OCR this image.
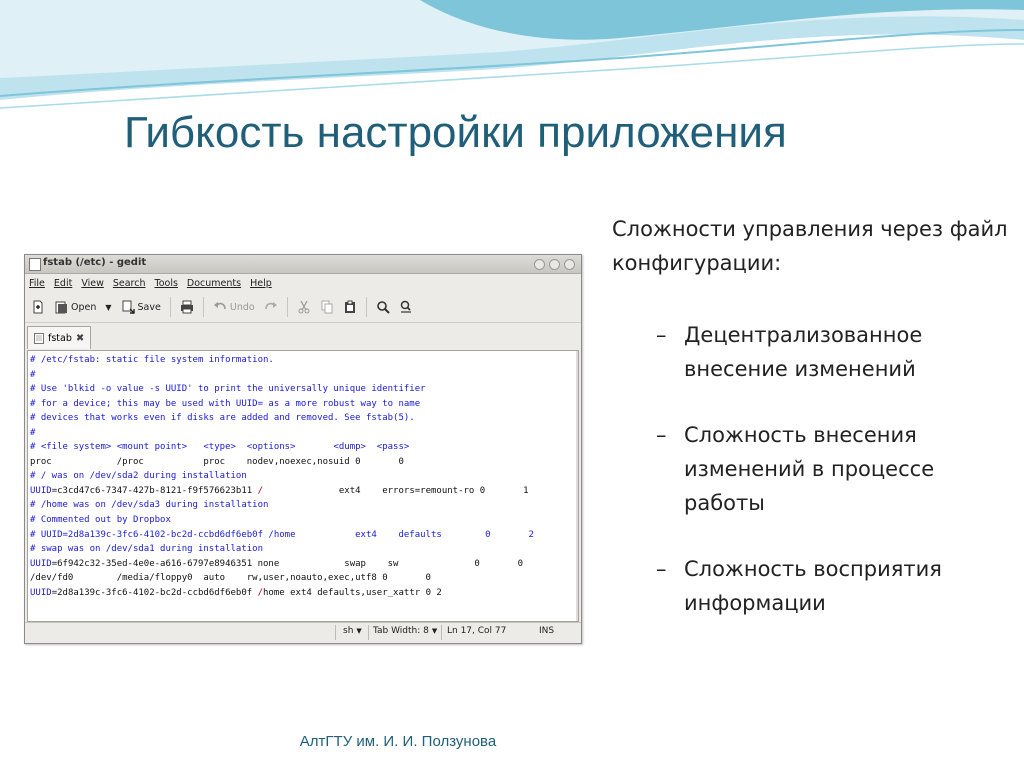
Гибкость настройки приложения
fstab (/etc) - gedit
File Edit View Search Tools Documents Help
Open ▼	Save	Undo
fstab ✖
# /etc/fstab: static file system information.
#
# Use 'blkid -o value -s UUID' to print the universally unique identifier
# for a device; this may be used with UUID= as a more robust way to name
# devices that works even if disks are added and removed. See fstab(5).
#
# <file system> <mount point>   <type>  <options>       <dump>  <pass>
proc            /proc           proc    nodev,noexec,nosuid 0       0
# / was on /dev/sda2 during installation
UUID=c3cd47c6-7347-427b-8121-f9f576623b11 /              ext4    errors=remount-ro 0       1
# /home was on /dev/sda3 during installation
# Commented out by Dropbox
# UUID=2d8a139c-3fc6-4102-bc2d-ccbd6df6eb0f /home           ext4    defaults        0       2
# swap was on /dev/sda1 during installation
UUID=6f942c32-35ed-4e0e-a616-6797e8946351 none            swap    sw              0       0
/dev/fd0        /media/floppy0  auto    rw,user,noauto,exec,utf8 0       0
UUID=2d8a139c-3fc6-4102-bc2d-ccbd6df6eb0f /home ext4 defaults,user_xattr 0 2
sh ▼ Tab Width: 8 ▼ Ln 17, Col 77	INS
Сложности управления через файл конфигурации:
– Децентрализованное внесение изменений
– Сложность внесения изменений в процессе работы
– Сложность восприятия информации
АлтГТУ им. И. И. Ползунова
